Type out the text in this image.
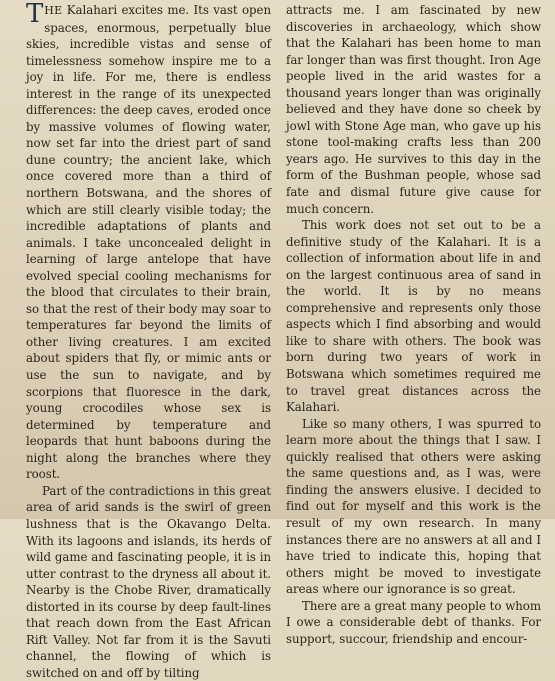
THE Kalahari excites me. Its vast open spaces, enormous, perpetually blue skies, incredible vistas and sense of timelessness somehow inspire me to a joy in life. For me, there is endless interest in the range of its unexpected differences: the deep caves, eroded once by massive volumes of flowing water, now set far into the driest part of sand dune country; the ancient lake, which once covered more than a third of northern Botswana, and the shores of which are still clearly visible today; the incredible adaptations of plants and animals. I take unconcealed delight in learning of large antelope that have evolved special cooling mechanisms for the blood that circulates to their brain, so that the rest of their body may soar to temperatures far beyond the limits of other living creatures. I am excited about spiders that fly, or mimic ants or use the sun to navigate, and by scorpions that fluoresce in the dark, young crocodiles whose sex is determined by temperature and leopards that hunt baboons during the night along the branches where they roost.

Part of the contradictions in this great area of arid sands is the swirl of green lushness that is the Okavango Delta. With its lagoons and islands, its herds of wild game and fascinating people, it is in utter contrast to the dryness all about it. Nearby is the Chobe River, dramatically distorted in its course by deep fault-lines that reach down from the East African Rift Valley. Not far from it is the Savuti channel, the flowing of which is switched on and off by tilting

attracts me. I am fascinated by new discoveries in archaeology, which show that the Kalahari has been home to man far longer than was first thought. Iron Age people lived in the arid wastes for a thousand years longer than was originally believed and they have done so cheek by jowl with Stone Age man, who gave up his stone tool-making crafts less than 200 years ago. He survives to this day in the form of the Bushman people, whose sad fate and dismal future give cause for much concern.

This work does not set out to be a definitive study of the Kalahari. It is a collection of information about life in and on the largest continuous area of sand in the world. It is by no means comprehensive and represents only those aspects which I find absorbing and would like to share with others. The book was born during two years of work in Botswana which sometimes required me to travel great distances across the Kalahari.

Like so many others, I was spurred to learn more about the things that I saw. I quickly realised that others were asking the same questions and, as I was, were finding the answers elusive. I decided to find out for myself and this work is the result of my own research. In many instances there are no answers at all and I have tried to indicate this, hoping that others might be moved to investigate areas where our ignorance is so great.

There are a great many people to whom I owe a considerable debt of thanks. For support, succour, friendship and encour-
